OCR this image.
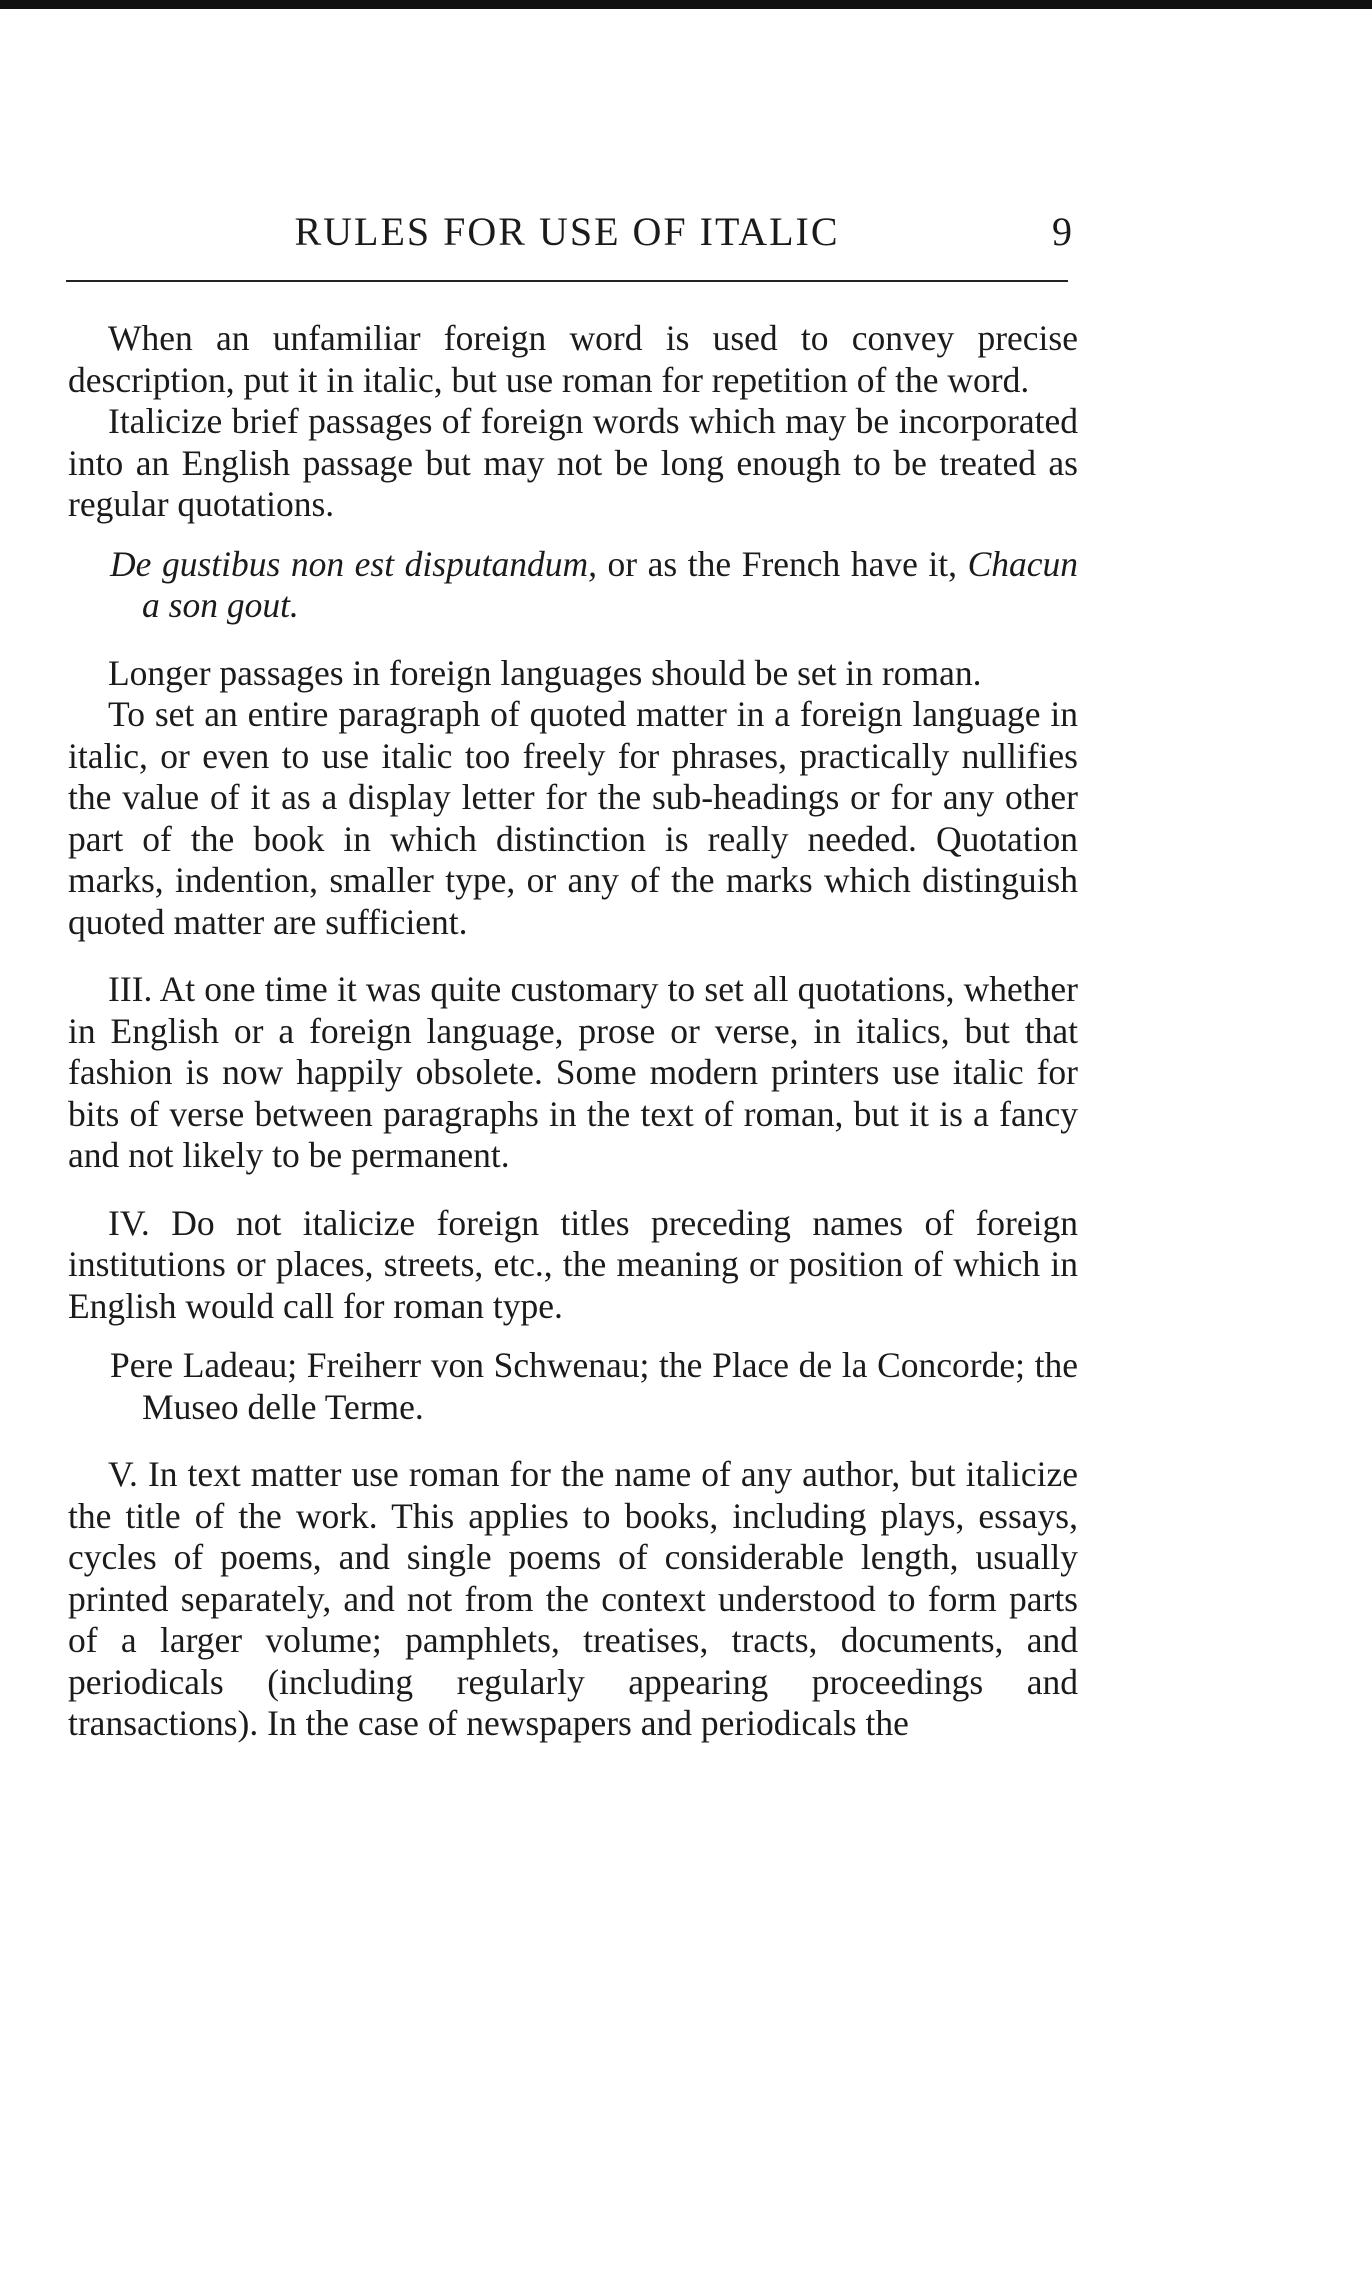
RULES FOR USE OF ITALIC	9

When an unfamiliar foreign word is used to convey precise description, put it in italic, but use roman for repetition of the word.

Italicize brief passages of foreign words which may be incorporated into an English passage but may not be long enough to be treated as regular quotations.

De gustibus non est disputandum, or as the French have it, Chacun a son gout.

Longer passages in foreign languages should be set in roman.

To set an entire paragraph of quoted matter in a foreign language in italic, or even to use italic too freely for phrases, practically nullifies the value of it as a display letter for the sub-headings or for any other part of the book in which distinction is really needed. Quotation marks, indention, smaller type, or any of the marks which distinguish quoted matter are sufficient.

III. At one time it was quite customary to set all quotations, whether in English or a foreign language, prose or verse, in italics, but that fashion is now happily obsolete. Some modern printers use italic for bits of verse between paragraphs in the text of roman, but it is a fancy and not likely to be permanent.

IV. Do not italicize foreign titles preceding names of foreign institutions or places, streets, etc., the meaning or position of which in English would call for roman type.

Pere Ladeau; Freiherr von Schwenau; the Place de la Concorde; the Museo delle Terme.

V. In text matter use roman for the name of any author, but italicize the title of the work. This applies to books, including plays, essays, cycles of poems, and single poems of considerable length, usually printed separately, and not from the context understood to form parts of a larger volume; pamphlets, treatises, tracts, documents, and periodicals (including regularly appearing proceedings and transactions). In the case of newspapers and periodicals the
